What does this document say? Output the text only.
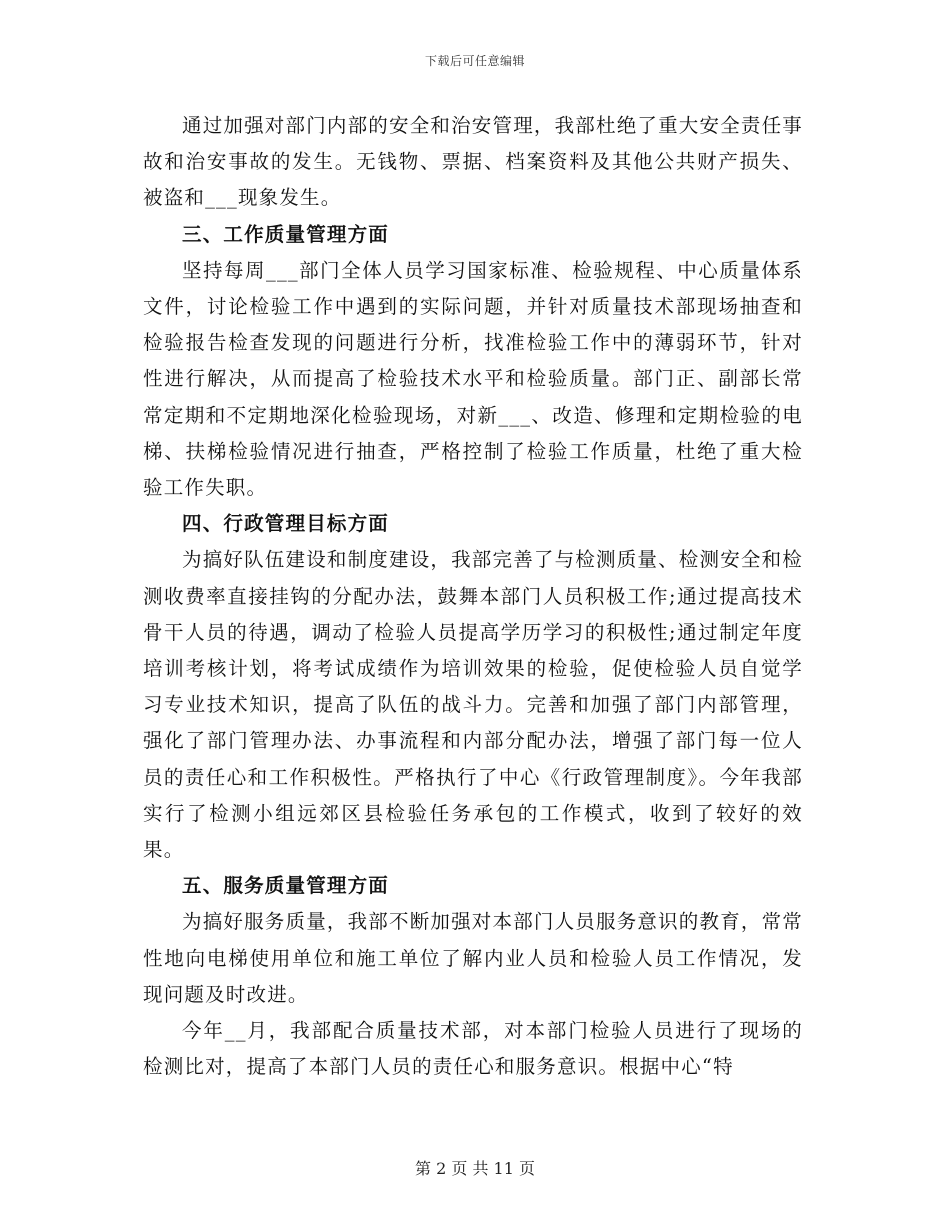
下载后可任意编辑

通过加强对部门内部的安全和治安管理，我部杜绝了重大安全责任事故和治安事故的发生。无钱物、票据、档案资料及其他公共财产损失、被盗和___现象发生。

三、工作质量管理方面

坚持每周___部门全体人员学习国家标准、检验规程、中心质量体系文件，讨论检验工作中遇到的实际问题，并针对质量技术部现场抽查和检验报告检查发现的问题进行分析，找准检验工作中的薄弱环节，针对性进行解决，从而提高了检验技术水平和检验质量。部门正、副部长常常定期和不定期地深化检验现场，对新___、改造、修理和定期检验的电梯、扶梯检验情况进行抽查，严格控制了检验工作质量，杜绝了重大检验工作失职。

四、行政管理目标方面

为搞好队伍建设和制度建设，我部完善了与检测质量、检测安全和检测收费率直接挂钩的分配办法，鼓舞本部门人员积极工作;通过提高技术骨干人员的待遇，调动了检验人员提高学历学习的积极性;通过制定年度培训考核计划，将考试成绩作为培训效果的检验，促使检验人员自觉学习专业技术知识，提高了队伍的战斗力。完善和加强了部门内部管理，强化了部门管理办法、办事流程和内部分配办法，增强了部门每一位人员的责任心和工作积极性。严格执行了中心《行政管理制度》。今年我部实行了检测小组远郊区县检验任务承包的工作模式，收到了较好的效果。

五、服务质量管理方面

为搞好服务质量，我部不断加强对本部门人员服务意识的教育，常常性地向电梯使用单位和施工单位了解内业人员和检验人员工作情况，发现问题及时改进。

今年__月，我部配合质量技术部，对本部门检验人员进行了现场的检测比对，提高了本部门人员的责任心和服务意识。根据中心“特

第 2 页 共 11 页
